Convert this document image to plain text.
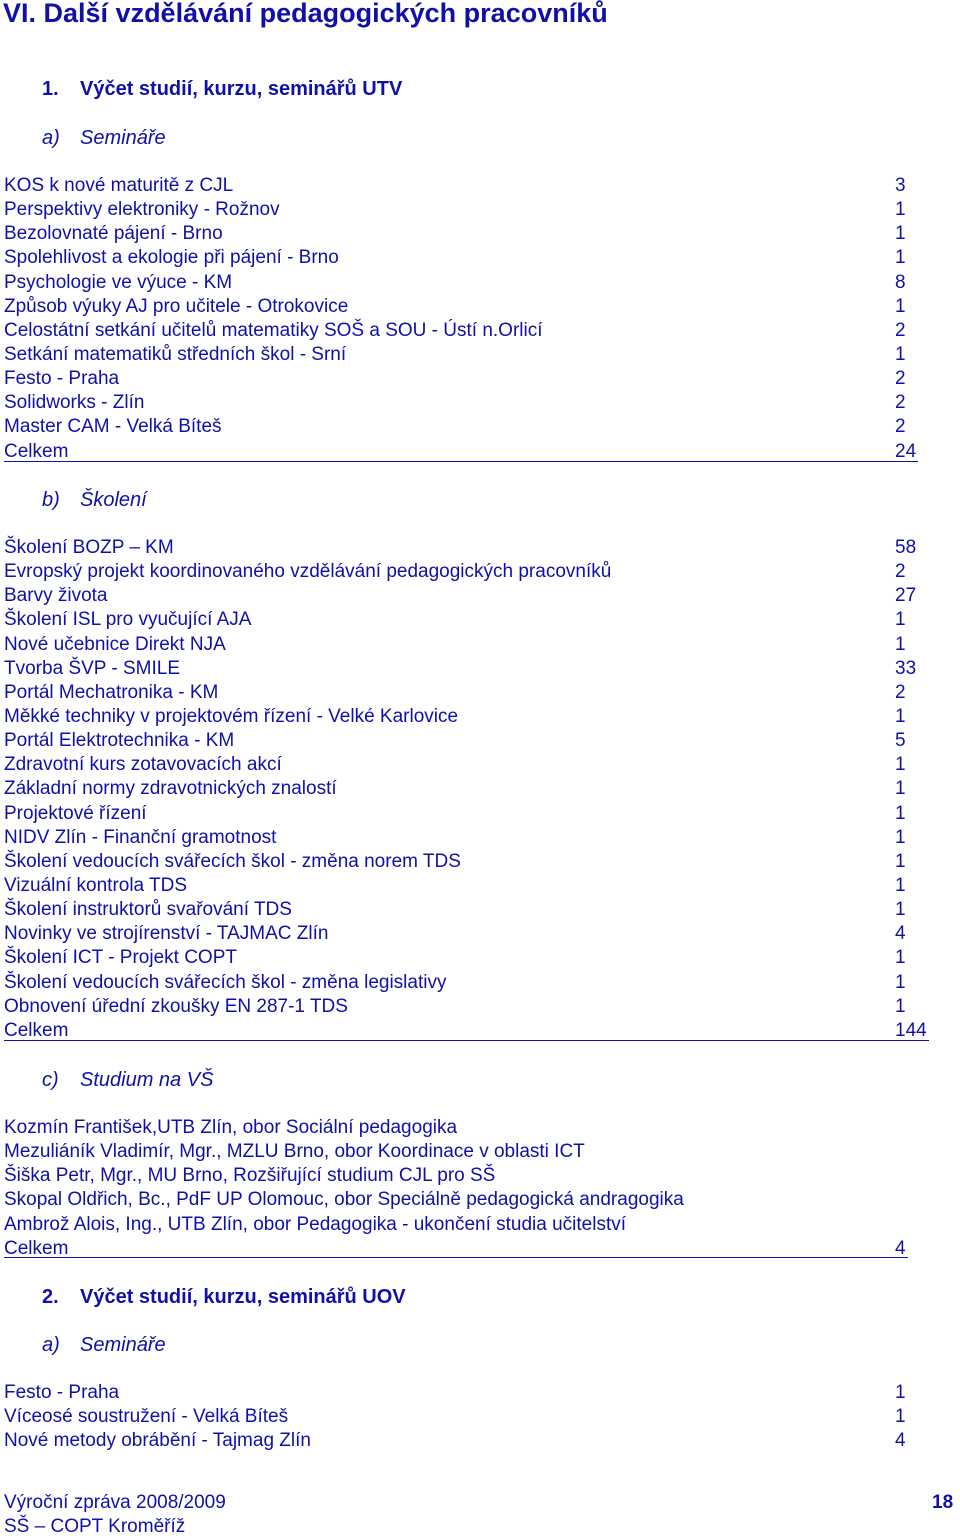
VI. Další vzdělávání pedagogických pracovníků
1. Výčet studií, kurzu, seminářů UTV
a) Semináře
KOS k nové maturitě z CJL	3
Perspektivy elektroniky - Rožnov	1
Bezolovnaté pájení - Brno	1
Spolehlivost a ekologie při pájení - Brno	1
Psychologie ve výuce - KM	8
Způsob výuky AJ pro učitele - Otrokovice	1
Celostátní setkání učitelů matematiky SOŠ a SOU - Ústí n.Orlicí	2
Setkání matematiků středních škol - Srní	1
Festo - Praha	2
Solidworks - Zlín	2
Master CAM - Velká Bíteš	2
Celkem	24
b) Školení
Školení BOZP – KM	58
Evropský projekt koordinovaného vzdělávání pedagogických pracovníků	2
Barvy života	27
Školení ISL pro vyučující AJA	1
Nové učebnice Direkt NJA	1
Tvorba ŠVP - SMILE	33
Portál Mechatronika - KM	2
Měkké techniky v projektovém řízení - Velké Karlovice	1
Portál Elektrotechnika - KM	5
Zdravotní kurs zotavovacích akcí	1
Základní normy zdravotnických znalostí	1
Projektové řízení	1
NIDV Zlín - Finanční gramotnost	1
Školení vedoucích svářecích škol - změna norem TDS	1
Vizuální kontrola TDS	1
Školení instruktorů svařování TDS	1
Novinky ve strojírenství - TAJMAC Zlín	4
Školení ICT - Projekt COPT	1
Školení vedoucích svářecích škol - změna legislativy	1
Obnovení úřední zkoušky EN 287-1 TDS	1
Celkem	144
c) Studium na VŠ
Kozmín František,UTB Zlín, obor Sociální pedagogika
Mezuliáník Vladimír, Mgr., MZLU Brno, obor Koordinace v oblasti ICT
Šiška Petr, Mgr., MU Brno, Rozšiřující studium CJL pro SŠ
Skopal Oldřich, Bc., PdF UP Olomouc, obor Speciálně pedagogická andragogika
Ambrož Alois, Ing., UTB Zlín, obor Pedagogika - ukončení studia učitelství
Celkem	4
2. Výčet studií, kurzu, seminářů UOV
a) Semináře
Festo - Praha	1
Víceosé soustružení - Velká Bíteš	1
Nové metody obrábění - Tajmag Zlín	4
Výroční zpráva 2008/2009
SŠ – COPT Kroměříž
18
